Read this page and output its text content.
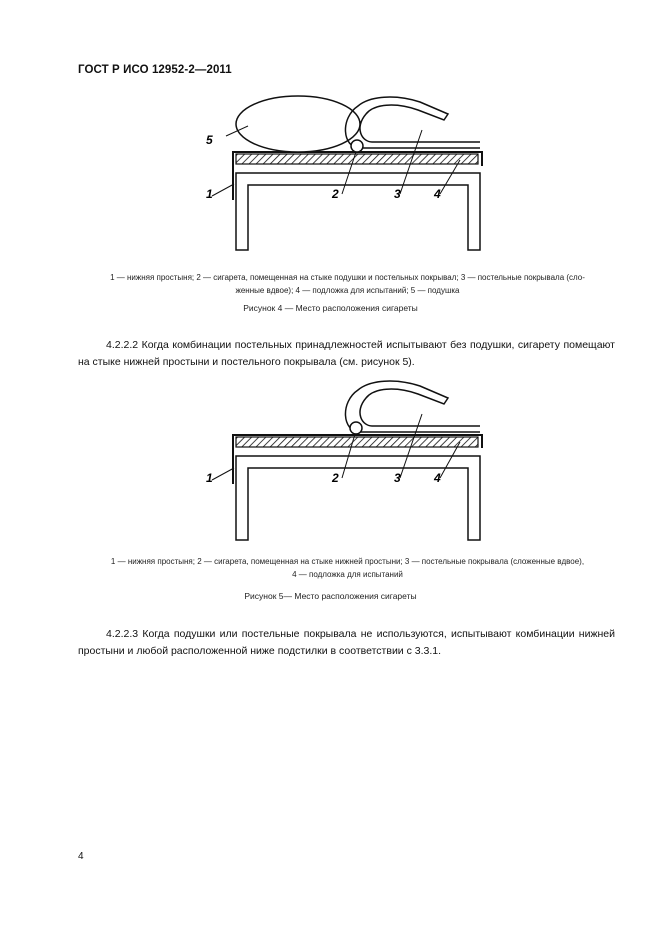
ГОСТ Р ИСО 12952-2—2011
5
1	2	3	4
1 — нижняя простыня; 2 — сигарета, помещенная на стыке подушки и постельных покрывал; 3 — постельные покрывала (сло-
женные вдвое); 4 — подложка для испытаний; 5 — подушка
Рисунок 4 — Место расположения сигареты
4.2.2.2 Когда комбинации постельных принадлежностей испытывают без подушки, сигарету помещают на стыке нижней простыни и постельного покрывала (см. рисунок 5).
1	2	3	4
1 — нижняя простыня; 2 — сигарета, помещенная на стыке нижней простыни; 3 — постельные покрывала (сложенные вдвое),
4 — подложка для испытаний
Рисунок 5— Место расположения сигареты
4.2.2.3 Когда подушки или постельные покрывала не используются, испытывают комбинации нижней простыни и любой расположенной ниже подстилки в соответствии с 3.3.1.
4
